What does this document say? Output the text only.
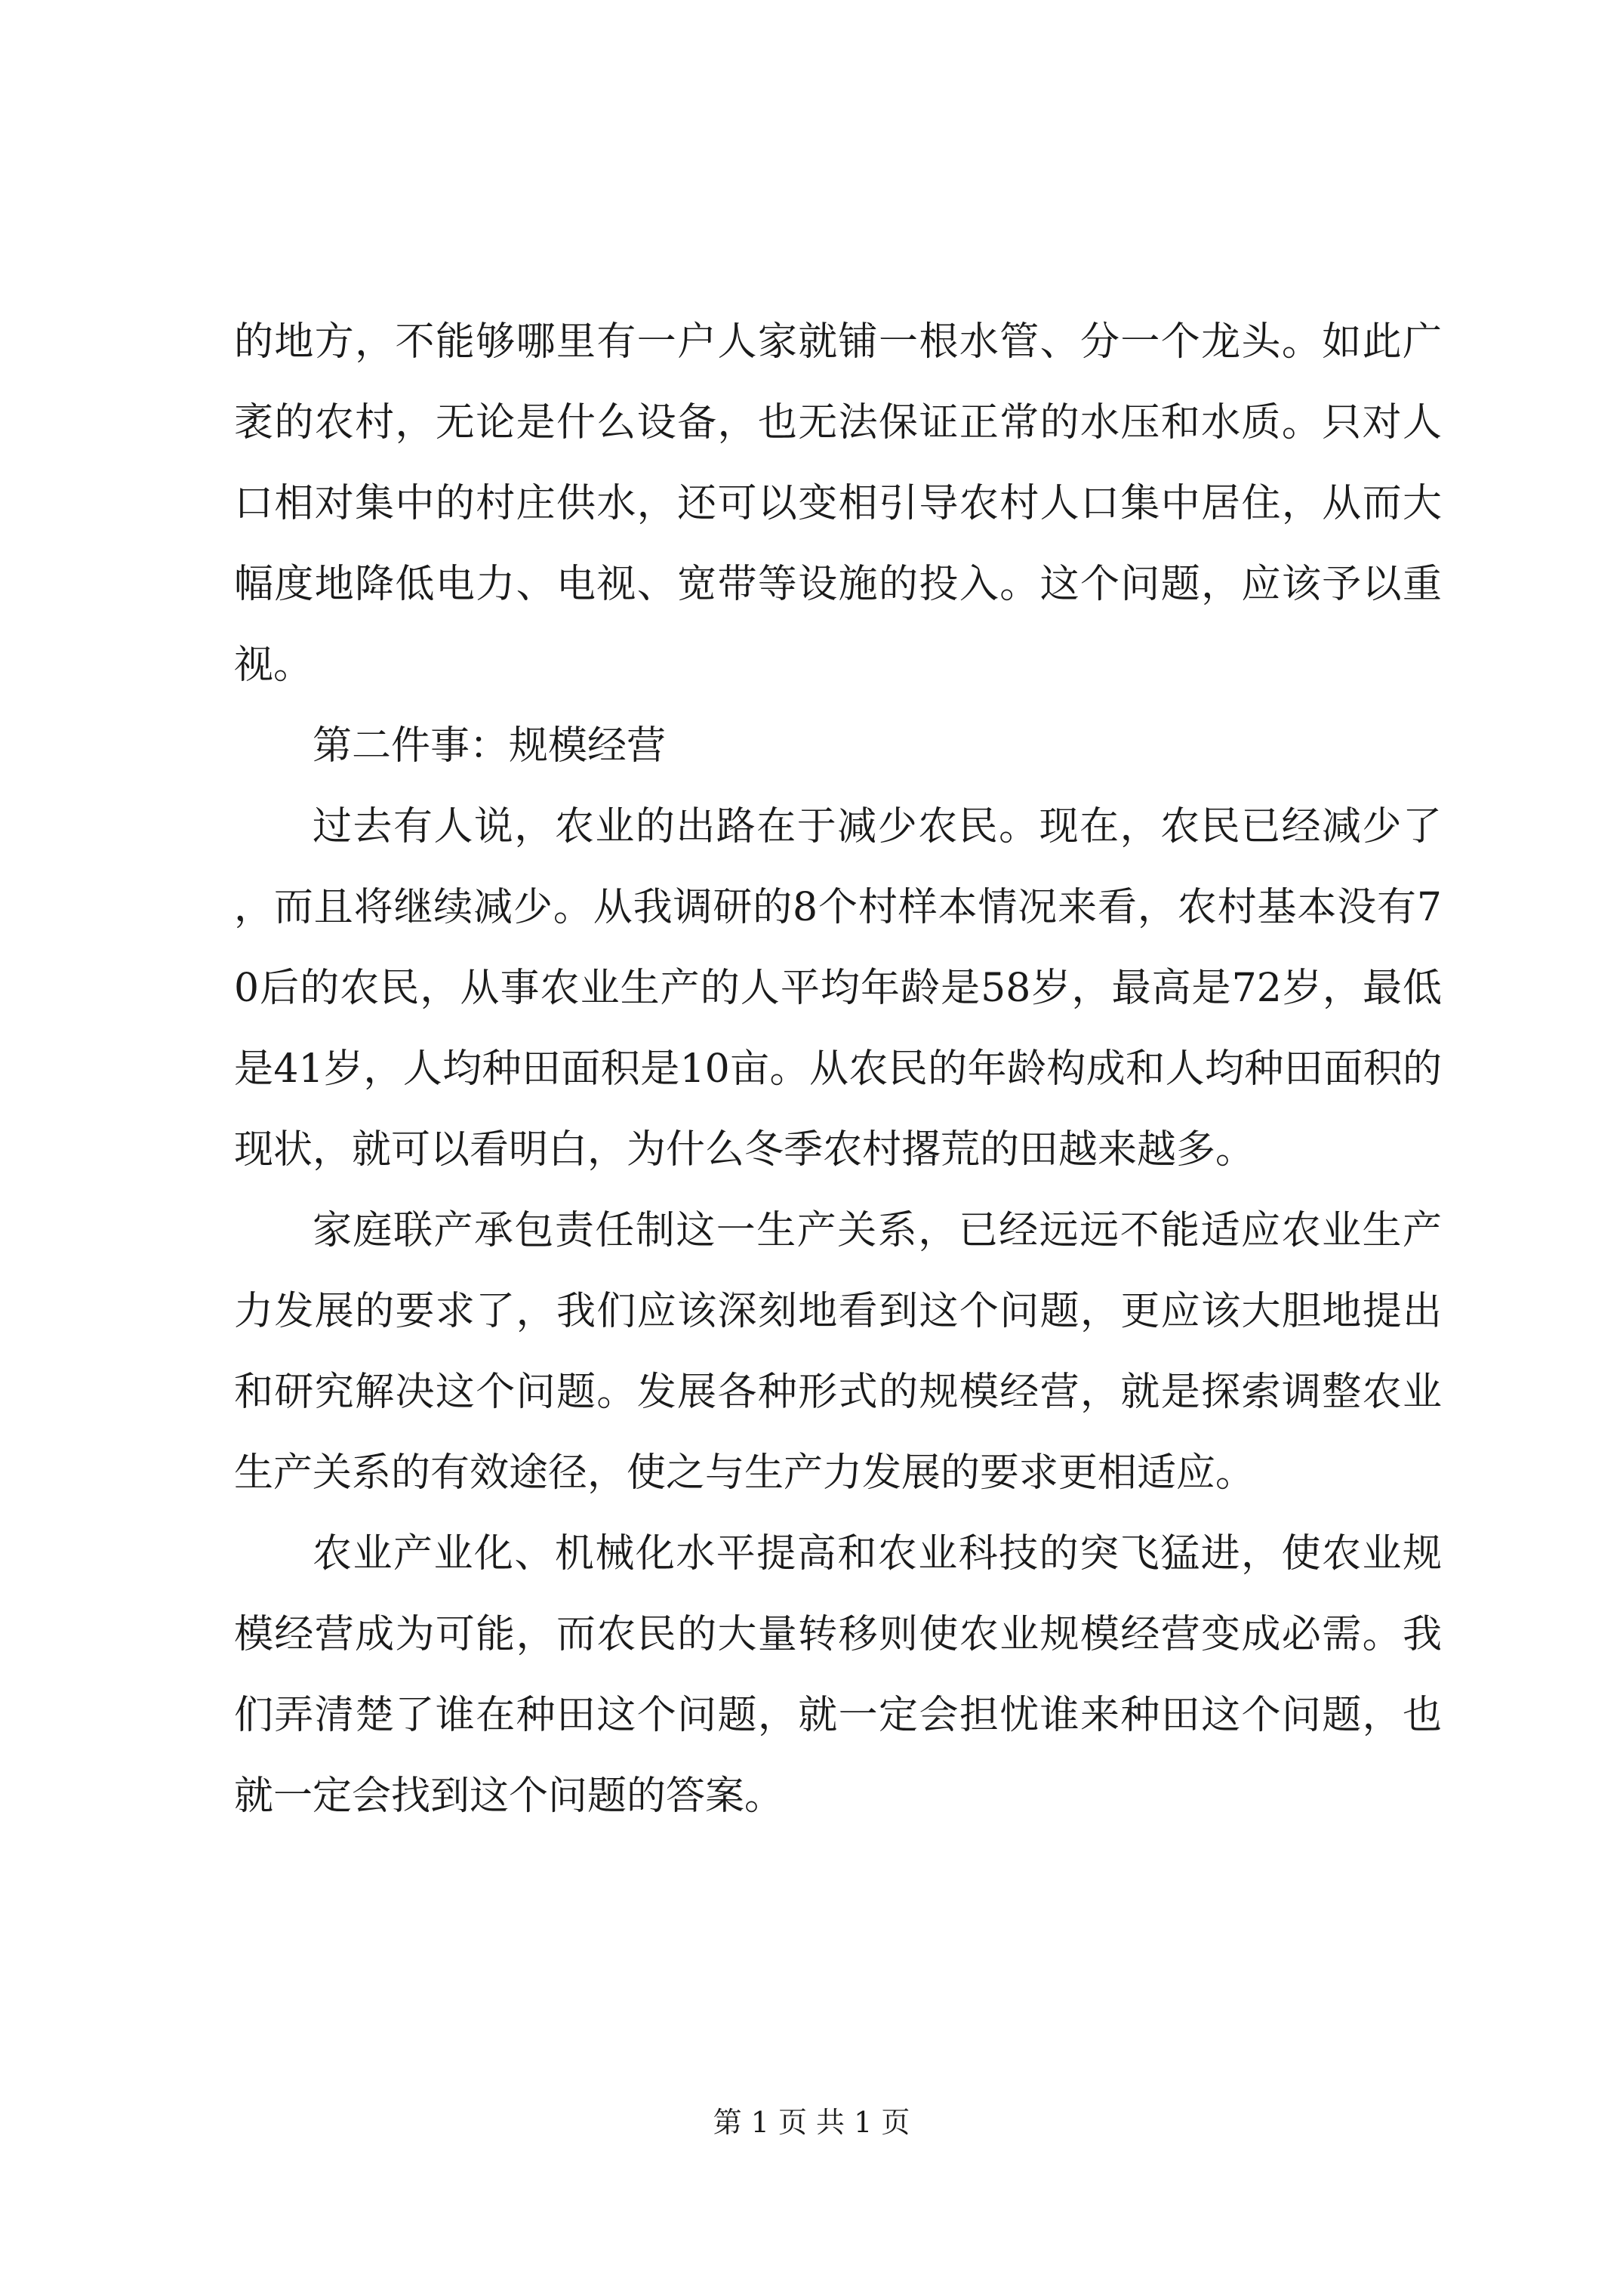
的地方，不能够哪里有一户人家就铺一根水管、分一个龙头。如此广袤的农村，无论是什么设备，也无法保证正常的水压和水质。只对人口相对集中的村庄供水，还可以变相引导农村人口集中居住，从而大幅度地降低电力、电视、宽带等设施的投入。这个问题，应该予以重视。

第二件事：规模经营

过去有人说，农业的出路在于减少农民。现在，农民已经减少了，而且将继续减少。从我调研的8个村样本情况来看，农村基本没有70后的农民，从事农业生产的人平均年龄是58岁，最高是72岁，最低是41岁，人均种田面积是10亩。从农民的年龄构成和人均种田面积的现状，就可以看明白，为什么冬季农村撂荒的田越来越多。

家庭联产承包责任制这一生产关系，已经远远不能适应农业生产力发展的要求了，我们应该深刻地看到这个问题，更应该大胆地提出和研究解决这个问题。发展各种形式的规模经营，就是探索调整农业生产关系的有效途径，使之与生产力发展的要求更相适应。

农业产业化、机械化水平提高和农业科技的突飞猛进，使农业规模经营成为可能，而农民的大量转移则使农业规模经营变成必需。我们弄清楚了谁在种田这个问题，就一定会担忧谁来种田这个问题，也就一定会找到这个问题的答案。

第 1 页 共 1 页
